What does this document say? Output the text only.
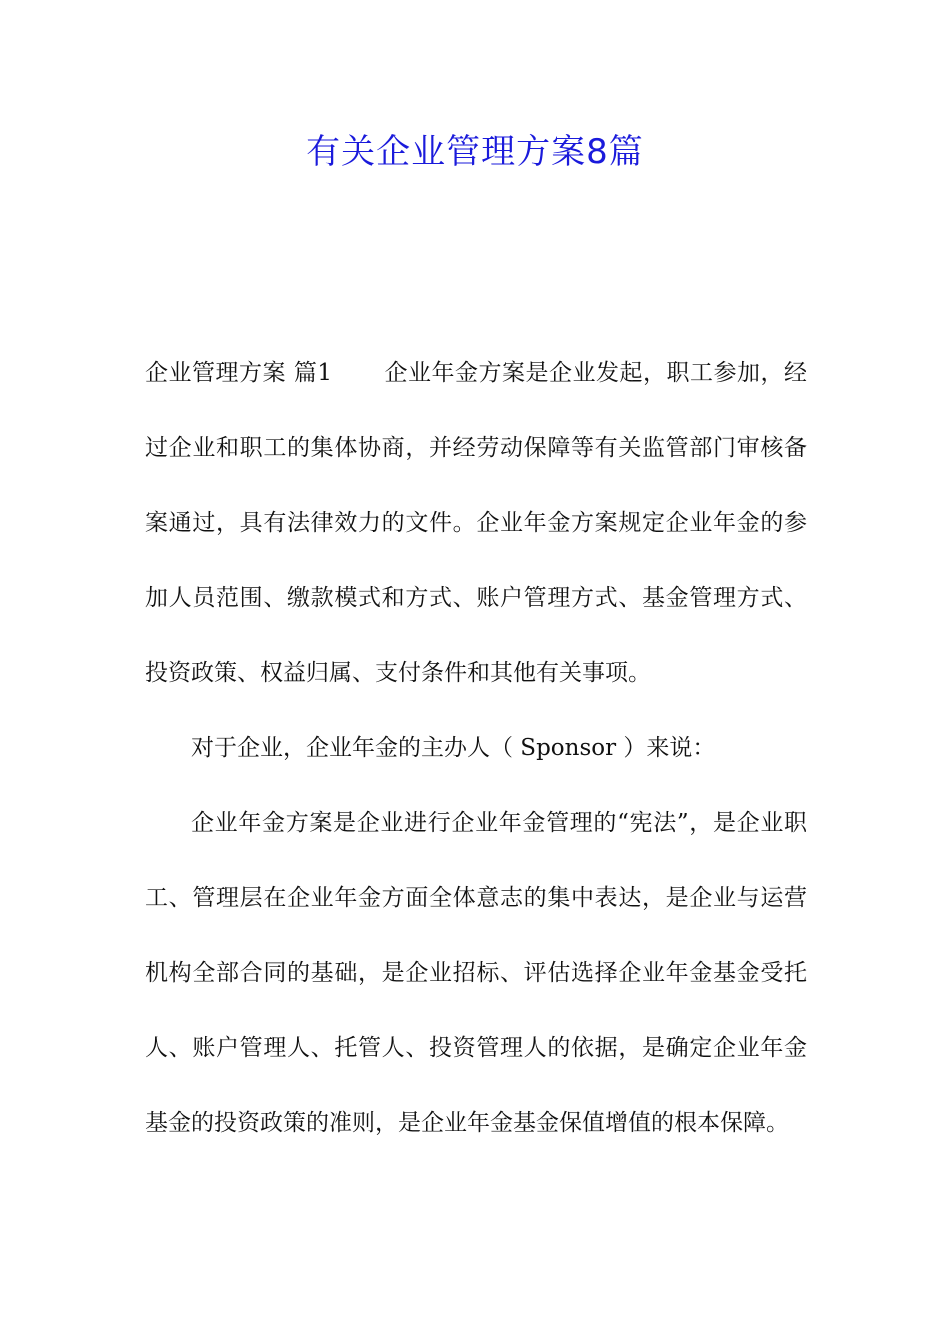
有关企业管理方案8篇

企业管理方案 篇1 企业年金方案是企业发起，职工参加，经过企业和职工的集体协商，并经劳动保障等有关监管部门审核备案通过，具有法律效力的文件。企业年金方案规定企业年金的参加人员范围、缴款模式和方式、账户管理方式、基金管理方式、投资政策、权益归属、支付条件和其他有关事项。

对于企业，企业年金的主办人（ Sponsor ）来说：

企业年金方案是企业进行企业年金管理的“宪法”，是企业职工、管理层在企业年金方面全体意志的集中表达，是企业与运营机构全部合同的基础，是企业招标、评估选择企业年金基金受托人、账户管理人、托管人、投资管理人的依据，是确定企业年金基金的投资政策的准则，是企业年金基金保值增值的根本保障。
